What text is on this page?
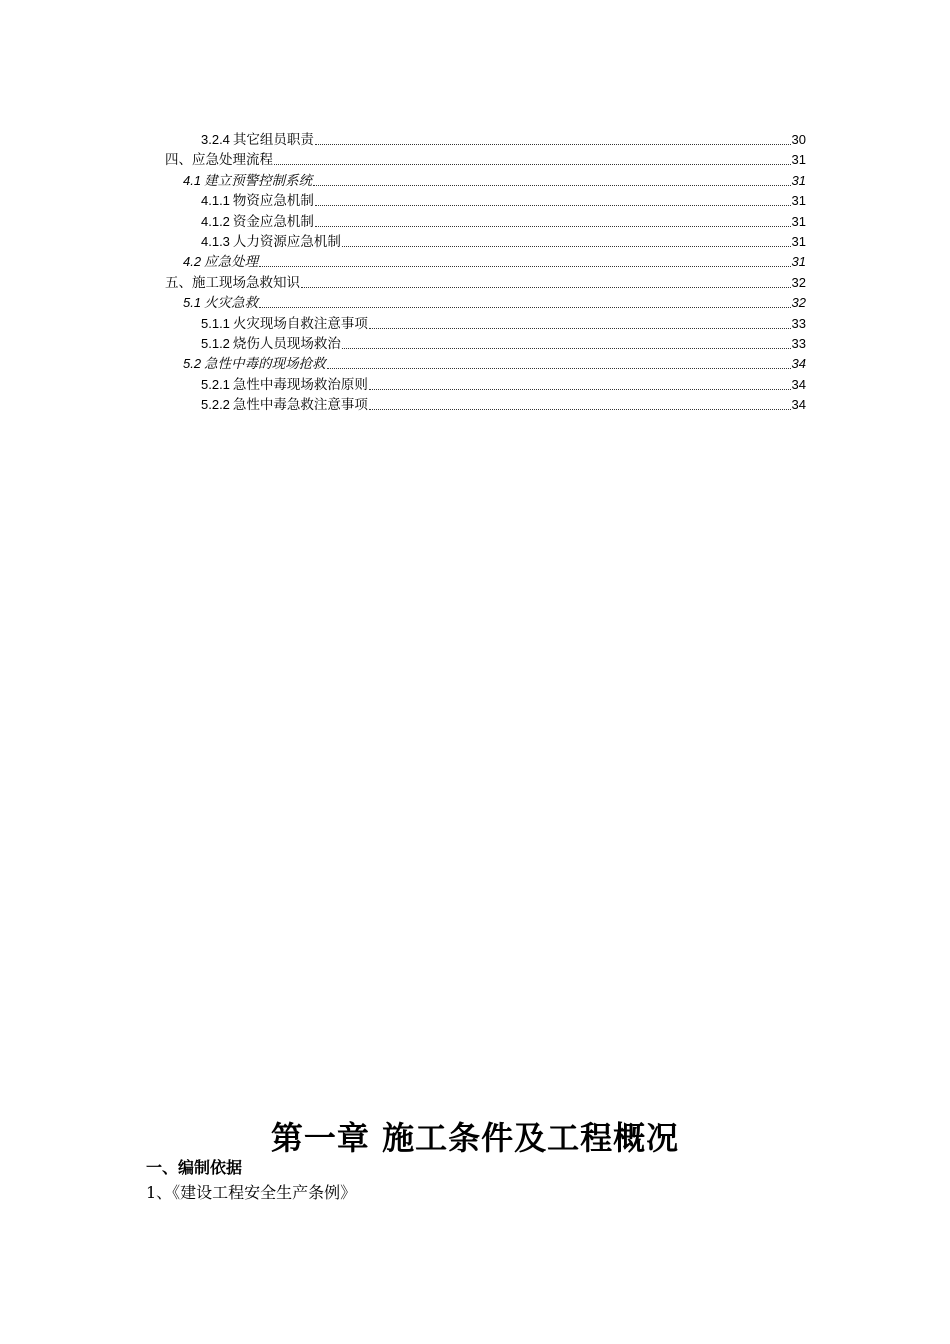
3.2.4 其它组员职责	30
四、应急处理流程	31
4.1 建立预警控制系统	31
4.1.1 物资应急机制	31
4.1.2 资金应急机制	31
4.1.3 人力资源应急机制	31
4.2 应急处理	31
五、施工现场急救知识	32
5.1 火灾急救	32
5.1.1 火灾现场自救注意事项	33
5.1.2 烧伤人员现场救治	33
5.2 急性中毒的现场抢救	34
5.2.1 急性中毒现场救治原则	34
5.2.2 急性中毒急救注意事项	34
第一章 施工条件及工程概况
一、编制依据
1、《建设工程安全生产条例》
